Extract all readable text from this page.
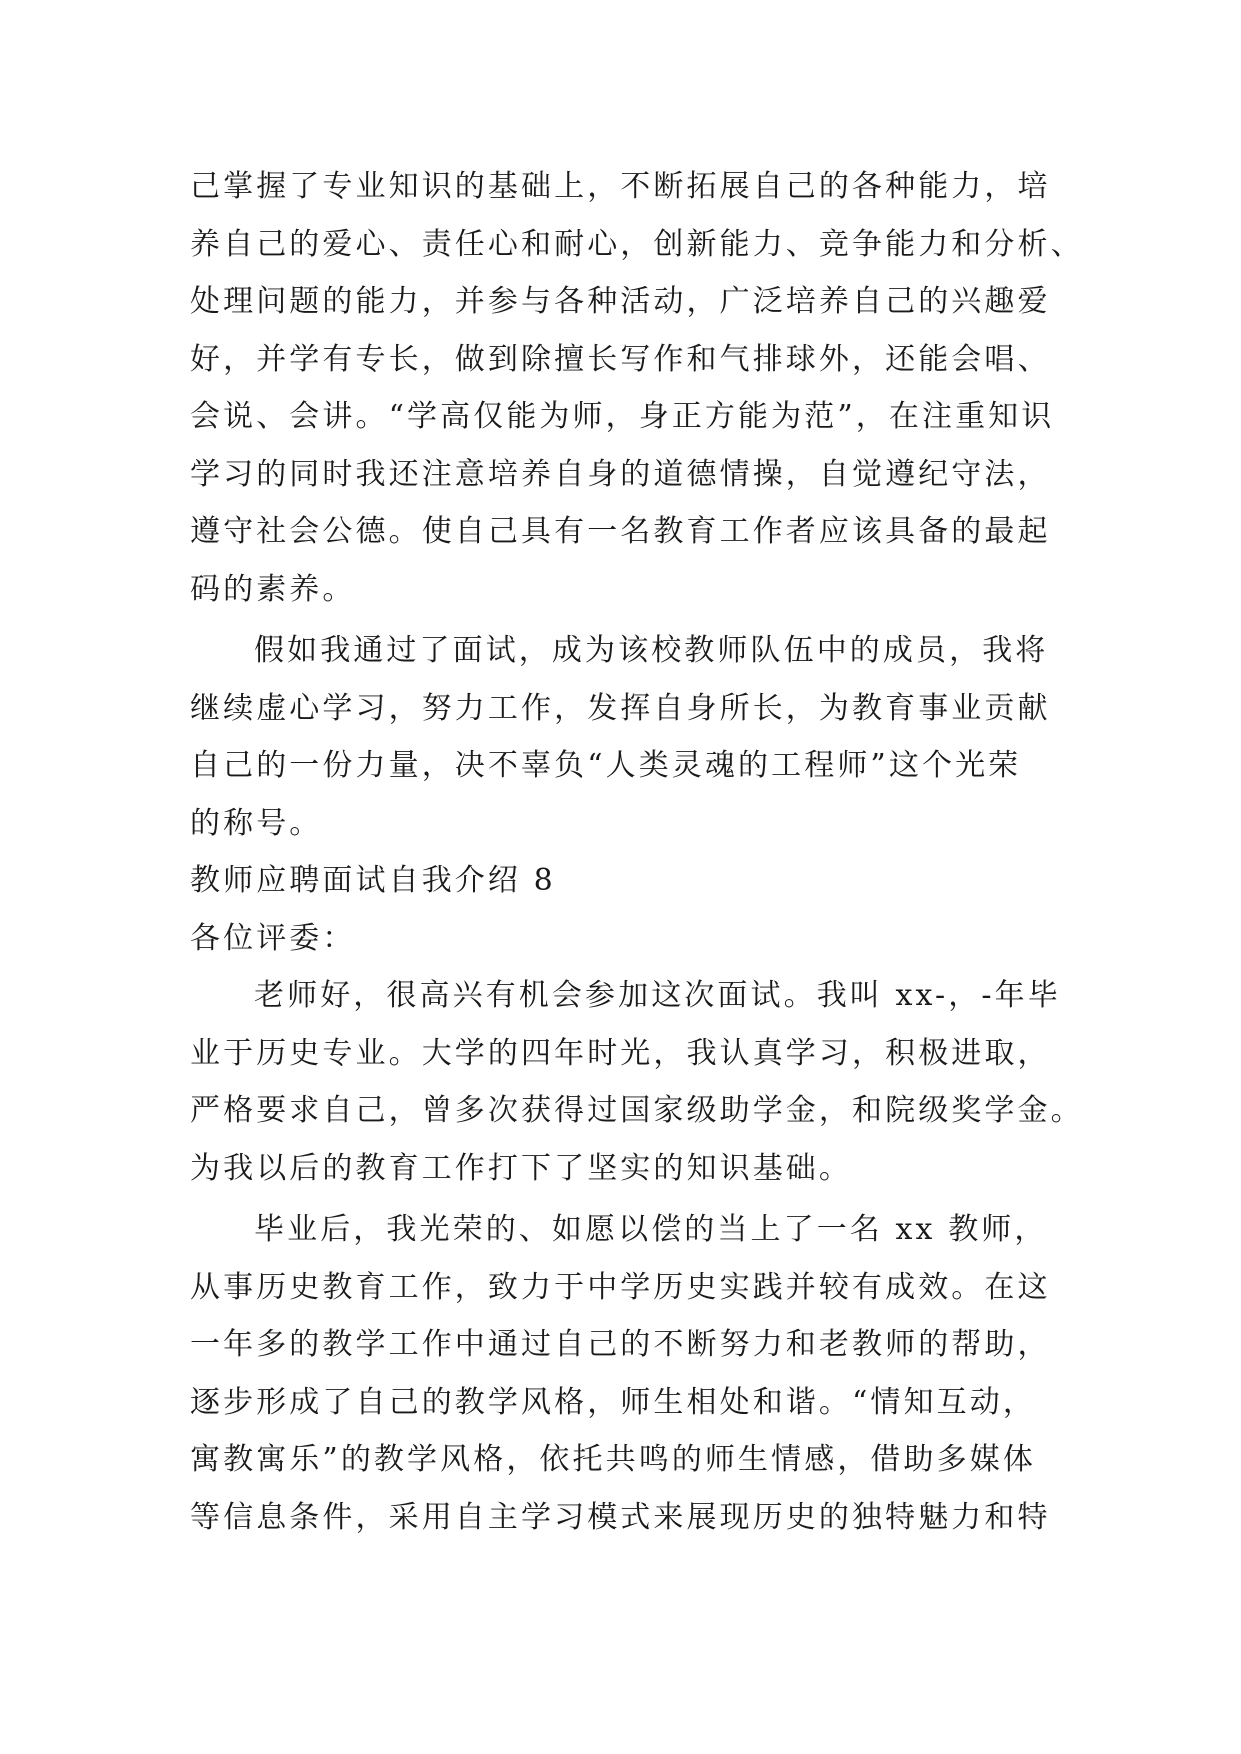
己掌握了专业知识的基础上，不断拓展自己的各种能力，培
养自己的爱心、责任心和耐心，创新能力、竞争能力和分析、
处理问题的能力，并参与各种活动，广泛培养自己的兴趣爱
好，并学有专长，做到除擅长写作和气排球外，还能会唱、
会说、会讲。“学高仅能为师，身正方能为范”，在注重知识
学习的同时我还注意培养自身的道德情操，自觉遵纪守法，
遵守社会公德。使自己具有一名教育工作者应该具备的最起
码的素养。
假如我通过了面试，成为该校教师队伍中的成员，我将
继续虚心学习，努力工作，发挥自身所长，为教育事业贡献
自己的一份力量，决不辜负“人类灵魂的工程师”这个光荣
的称号。
教师应聘面试自我介绍 8
各位评委：
老师好，很高兴有机会参加这次面试。我叫 xx-，-年毕
业于历史专业。大学的四年时光，我认真学习，积极进取，
严格要求自己，曾多次获得过国家级助学金，和院级奖学金。
为我以后的教育工作打下了坚实的知识基础。
毕业后，我光荣的、如愿以偿的当上了一名 xx 教师，
从事历史教育工作，致力于中学历史实践并较有成效。在这
一年多的教学工作中通过自己的不断努力和老教师的帮助，
逐步形成了自己的教学风格，师生相处和谐。“情知互动，
寓教寓乐”的教学风格，依托共鸣的师生情感，借助多媒体
等信息条件，采用自主学习模式来展现历史的独特魅力和特
